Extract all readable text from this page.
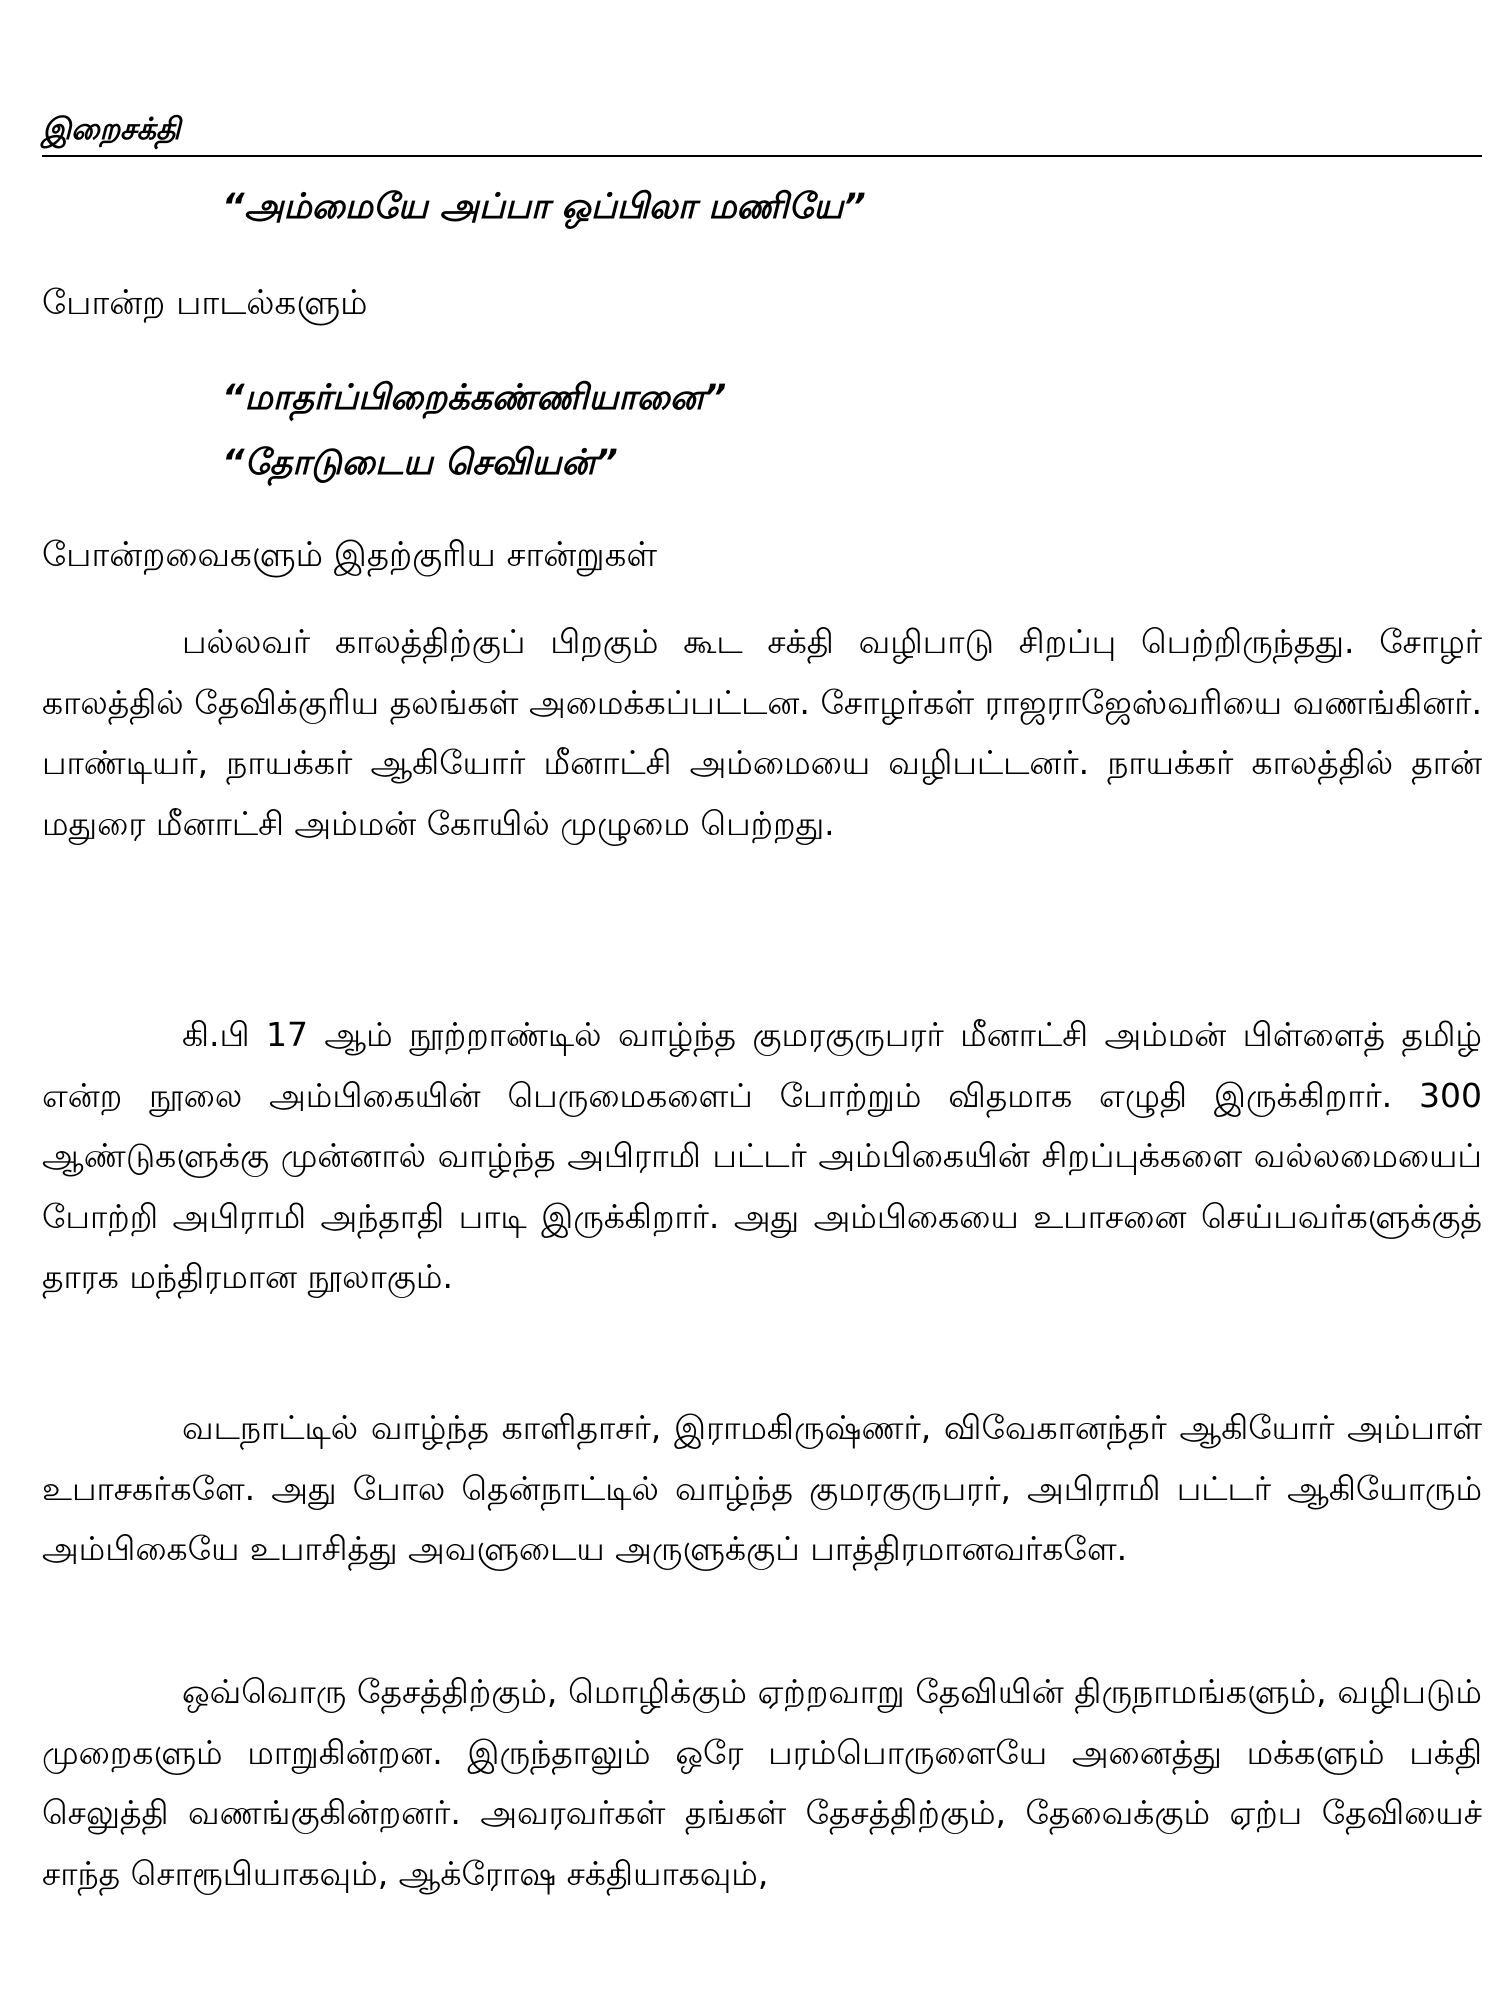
இறைசக்தி
“அம்மையே அப்பா ஒப்பிலா மணியே”
போன்ற பாடல்களும்
“மாதர்ப்பிறைக்கண்ணியானை”
“தோடுடைய செவியன்”
போன்றவைகளும் இதற்குரிய சான்றுகள்

பல்லவர் காலத்திற்குப் பிறகும் கூட சக்தி வழிபாடு சிறப்பு பெற்றிருந்தது. சோழர் காலத்தில் தேவிக்குரிய தலங்கள் அமைக்கப்பட்டன. சோழர்கள் ராஜராஜேஸ்வரியை வணங்கினர். பாண்டியர், நாயக்கர் ஆகியோர் மீனாட்சி அம்மையை வழிபட்டனர். நாயக்கர் காலத்தில் தான் மதுரை மீனாட்சி அம்மன் கோயில் முழுமை பெற்றது.

கி.பி 17 ஆம் நூற்றாண்டில் வாழ்ந்த குமரகுருபரர் மீனாட்சி அம்மன் பிள்ளைத் தமிழ் என்ற நூலை அம்பிகையின் பெருமைகளைப் போற்றும் விதமாக எழுதி இருக்கிறார். 300 ஆண்டுகளுக்கு முன்னால் வாழ்ந்த அபிராமி பட்டர் அம்பிகையின் சிறப்புக்களை வல்லமையைப் போற்றி அபிராமி அந்தாதி பாடி இருக்கிறார். அது அம்பிகையை உபாசனை செய்பவர்களுக்குத் தாரக மந்திரமான நூலாகும்.

வடநாட்டில் வாழ்ந்த காளிதாசர், இராமகிருஷ்ணர், விவேகானந்தர் ஆகியோர் அம்பாள் உபாசகர்களே. அது போல தென்நாட்டில் வாழ்ந்த குமரகுருபரர், அபிராமி பட்டர் ஆகியோரும் அம்பிகையே உபாசித்து அவளுடைய அருளுக்குப் பாத்திரமானவர்களே.

ஒவ்வொரு தேசத்திற்கும், மொழிக்கும் ஏற்றவாறு தேவியின் திருநாமங்களும், வழிபடும் முறைகளும் மாறுகின்றன. இருந்தாலும் ஒரே பரம்பொருளையே அனைத்து மக்களும் பக்தி செலுத்தி வணங்குகின்றனர். அவரவர்கள் தங்கள் தேசத்திற்கும், தேவைக்கும் ஏற்ப தேவியைச் சாந்த சொரூபியாகவும், ஆக்ரோஷ சக்தியாகவும்,
